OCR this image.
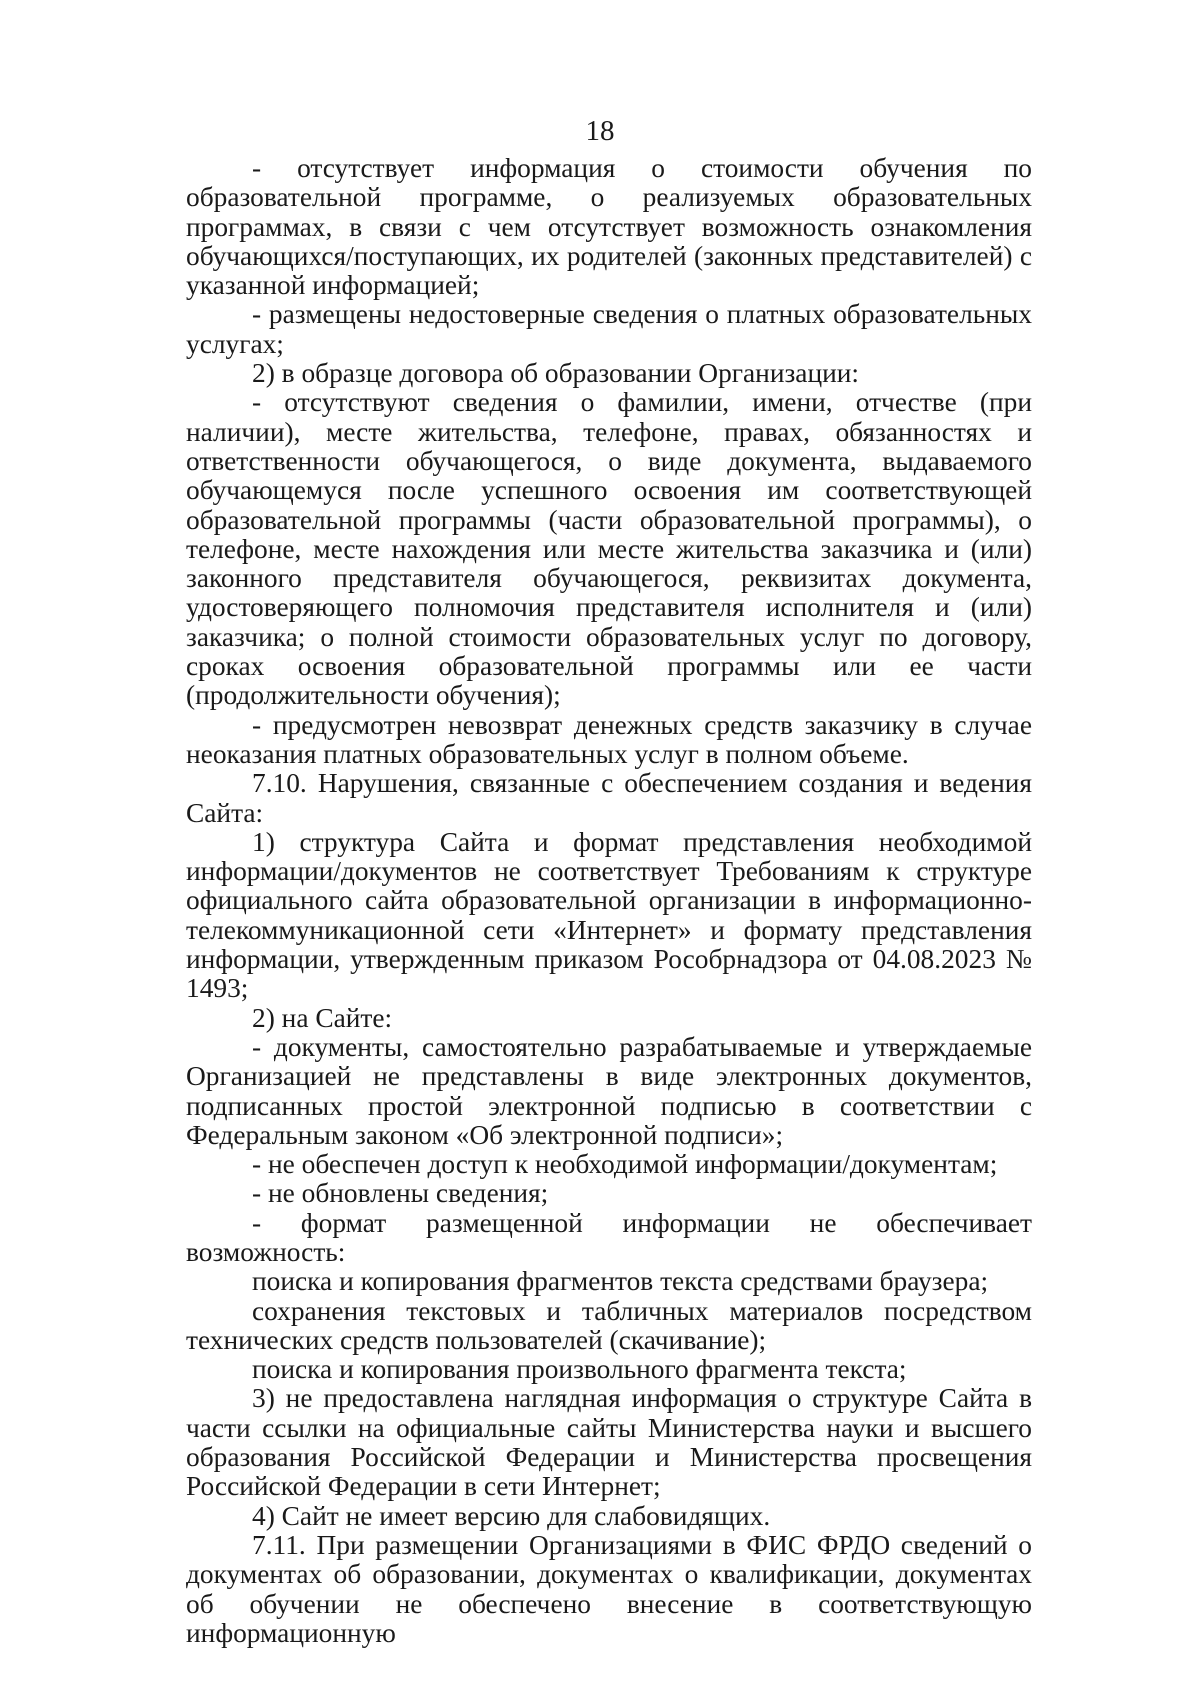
18

- отсутствует информация о стоимости обучения по образовательной программе, о реализуемых образовательных программах, в связи с чем отсутствует возможность ознакомления обучающихся/поступающих, их родителей (законных представителей) с указанной информацией;

- размещены недостоверные сведения о платных образовательных услугах;

2) в образце договора об образовании Организации:

- отсутствуют сведения о фамилии, имени, отчестве (при наличии), месте жительства, телефоне, правах, обязанностях и ответственности обучающегося, о виде документа, выдаваемого обучающемуся после успешного освоения им соответствующей образовательной программы (части образовательной программы), о телефоне, месте нахождения или месте жительства заказчика и (или) законного представителя обучающегося, реквизитах документа, удостоверяющего полномочия представителя исполнителя и (или) заказчика; о полной стоимости образовательных услуг по договору, сроках освоения образовательной программы или ее части (продолжительности обучения);

- предусмотрен невозврат денежных средств заказчику в случае неоказания платных образовательных услуг в полном объеме.

7.10. Нарушения, связанные с обеспечением создания и ведения Сайта:

1) структура Сайта и формат представления необходимой информации/документов не соответствует Требованиям к структуре официального сайта образовательной организации в информационно-телекоммуникационной сети «Интернет» и формату представления информации, утвержденным приказом Рособрнадзора от 04.08.2023 № 1493;

2) на Сайте:

- документы, самостоятельно разрабатываемые и утверждаемые Организацией не представлены в виде электронных документов, подписанных простой электронной подписью в соответствии с Федеральным законом «Об электронной подписи»;

- не обеспечен доступ к необходимой информации/документам;

- не обновлены сведения;

- формат размещенной информации не обеспечивает возможность:

поиска и копирования фрагментов текста средствами браузера;

сохранения текстовых и табличных материалов посредством технических средств пользователей (скачивание);

поиска и копирования произвольного фрагмента текста;

3) не предоставлена наглядная информация о структуре Сайта в части ссылки на официальные сайты Министерства науки и высшего образования Российской Федерации и Министерства просвещения Российской Федерации в сети Интернет;

4) Сайт не имеет версию для слабовидящих.

7.11. При размещении Организациями в ФИС ФРДО сведений о документах об образовании, документах о квалификации, документах об обучении не обеспечено внесение в соответствующую информационную
